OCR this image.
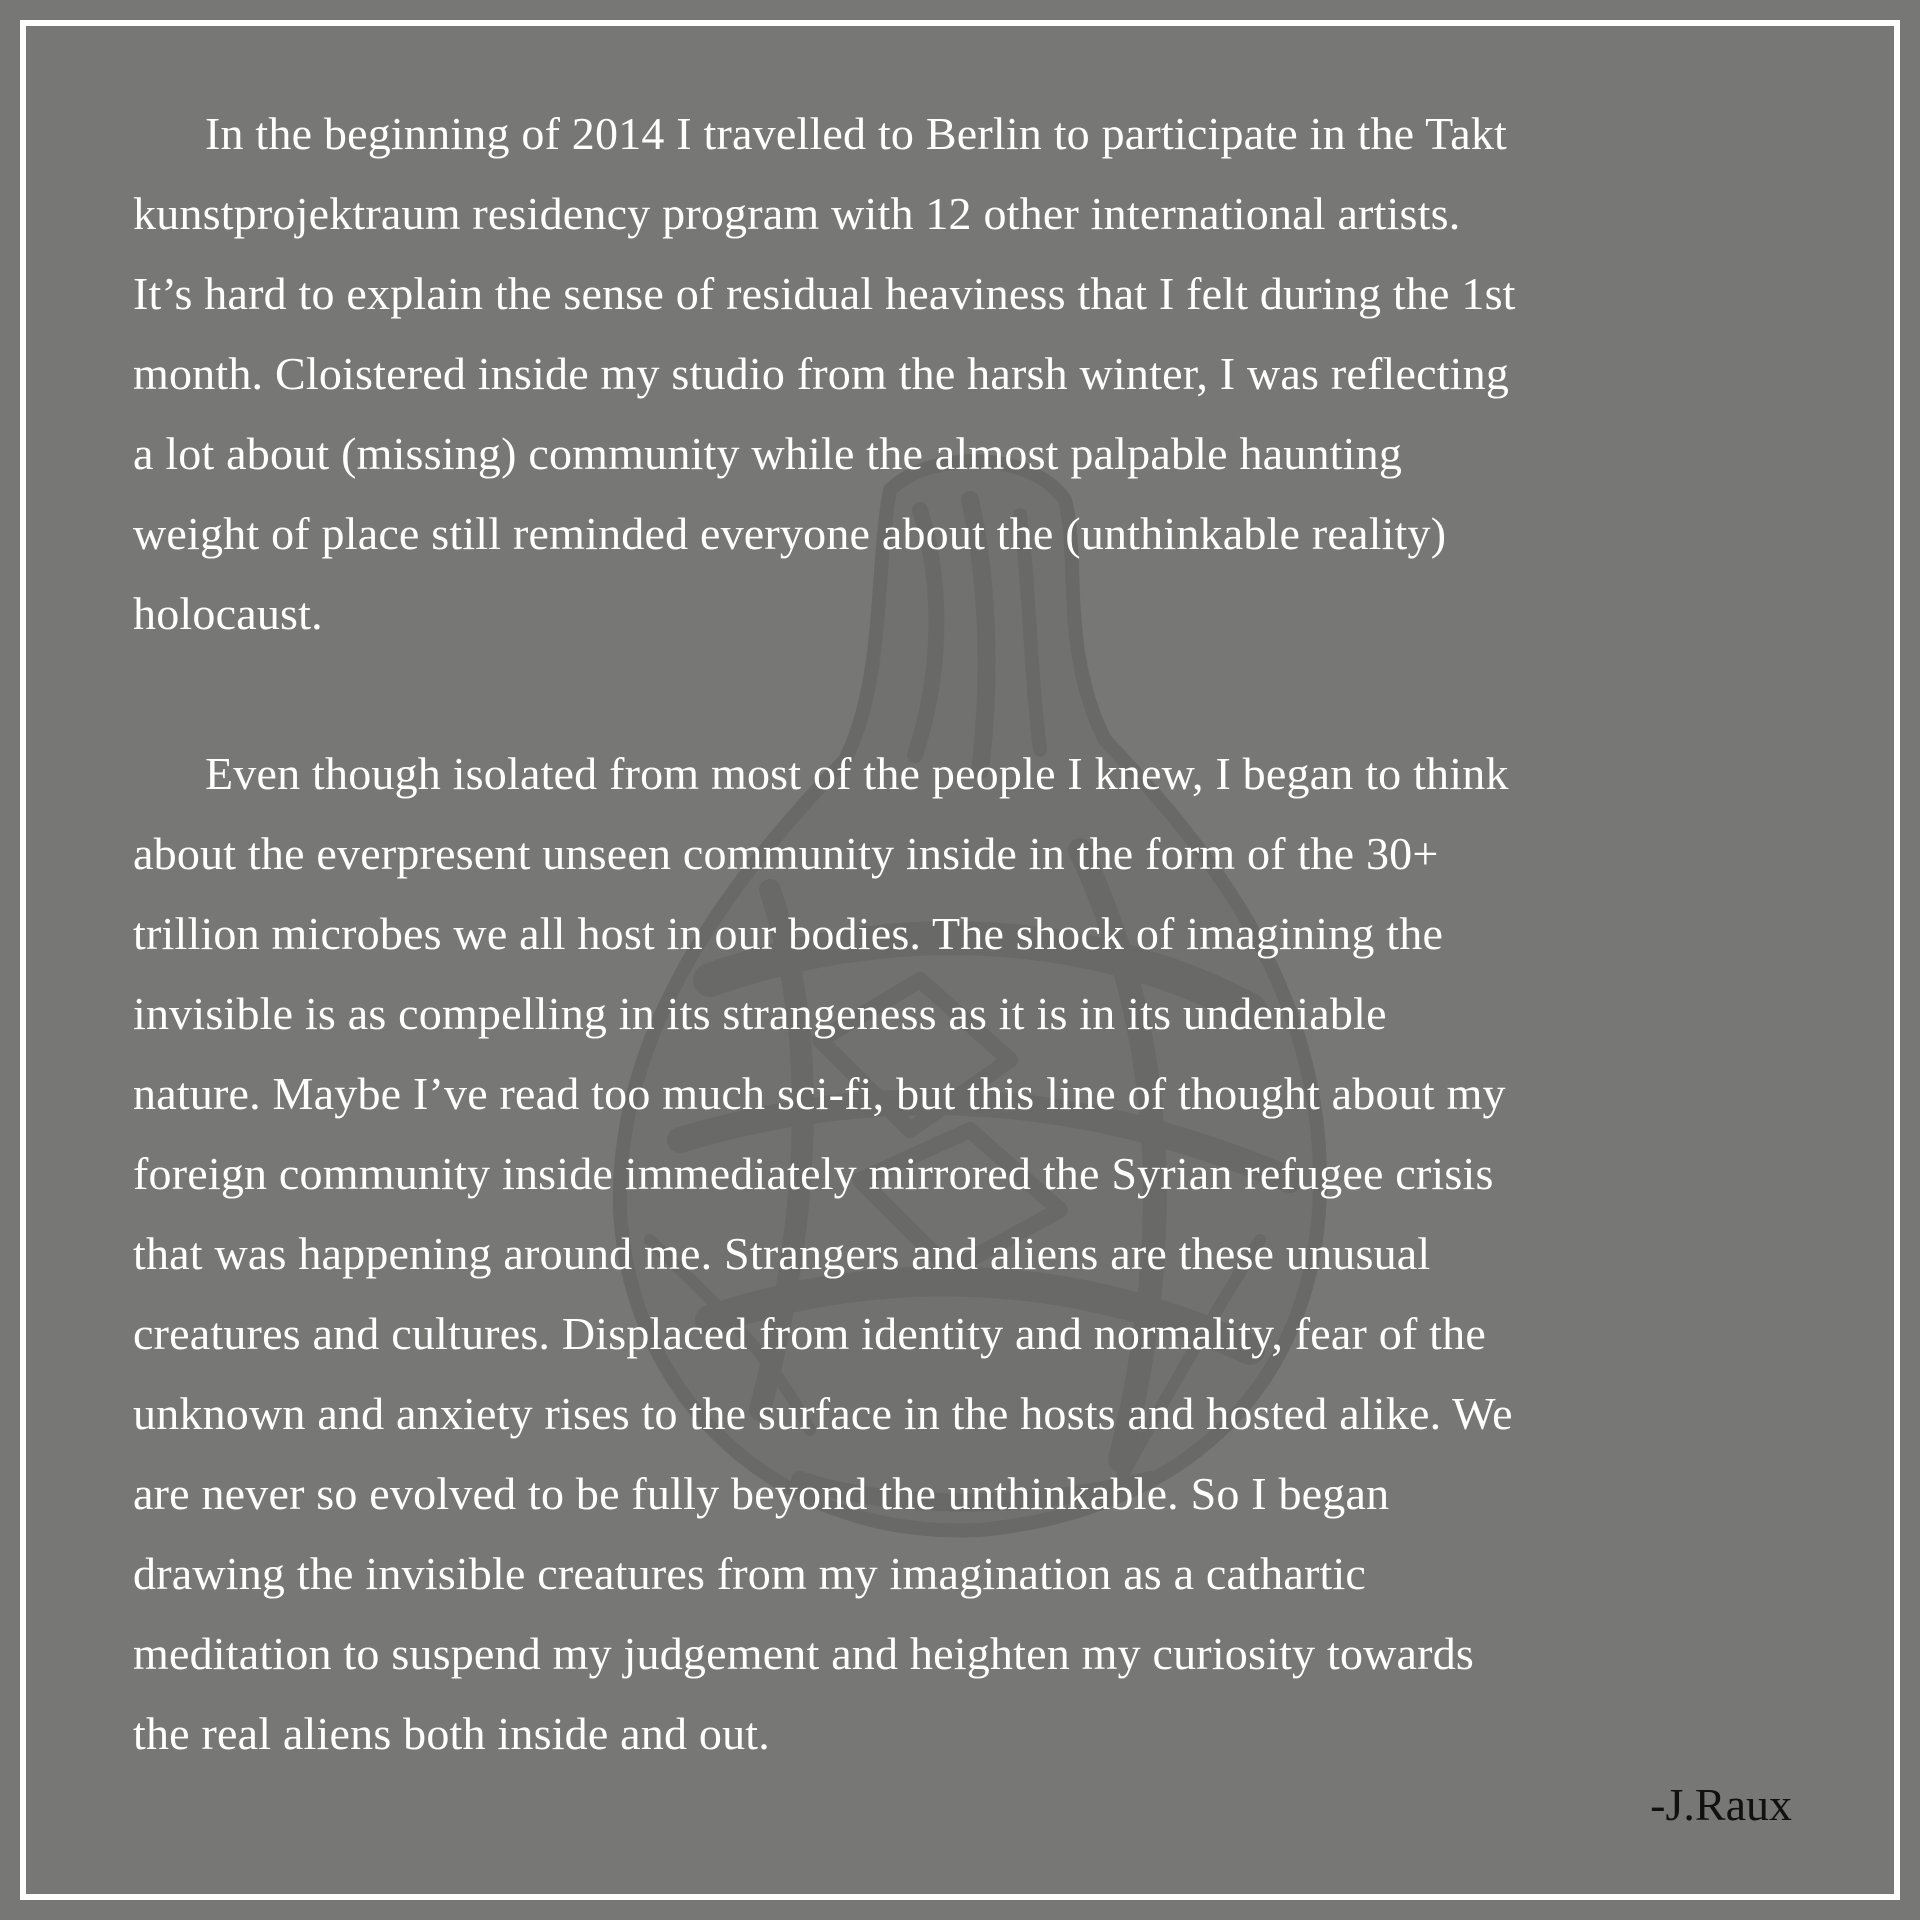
In the beginning of 2014 I travelled to Berlin to participate in the Takt
kunstprojektraum residency program with 12 other international artists.
It’s hard to explain the sense of residual heaviness that I felt during the 1st
month. Cloistered inside my studio from the harsh winter, I was reflecting
a lot about (missing) community while the almost palpable haunting
weight of place still reminded everyone about the (unthinkable reality)
holocaust.
Even though isolated from most of the people I knew, I began to think
about the everpresent unseen community inside in the form of the 30+
trillion microbes we all host in our bodies. The shock of imagining the
invisible is as compelling in its strangeness as it is in its undeniable
nature. Maybe I’ve read too much sci-fi, but this line of thought about my
foreign community inside immediately mirrored the Syrian refugee crisis
that was happening around me. Strangers and aliens are these unusual
creatures and cultures. Displaced from identity and normality, fear of the
unknown and anxiety rises to the surface in the hosts and hosted alike. We
are never so evolved to be fully beyond the unthinkable. So I began
drawing the invisible creatures from my imagination as a cathartic
meditation to suspend my judgement and heighten my curiosity towards
the real aliens both inside and out.
-J.Raux
